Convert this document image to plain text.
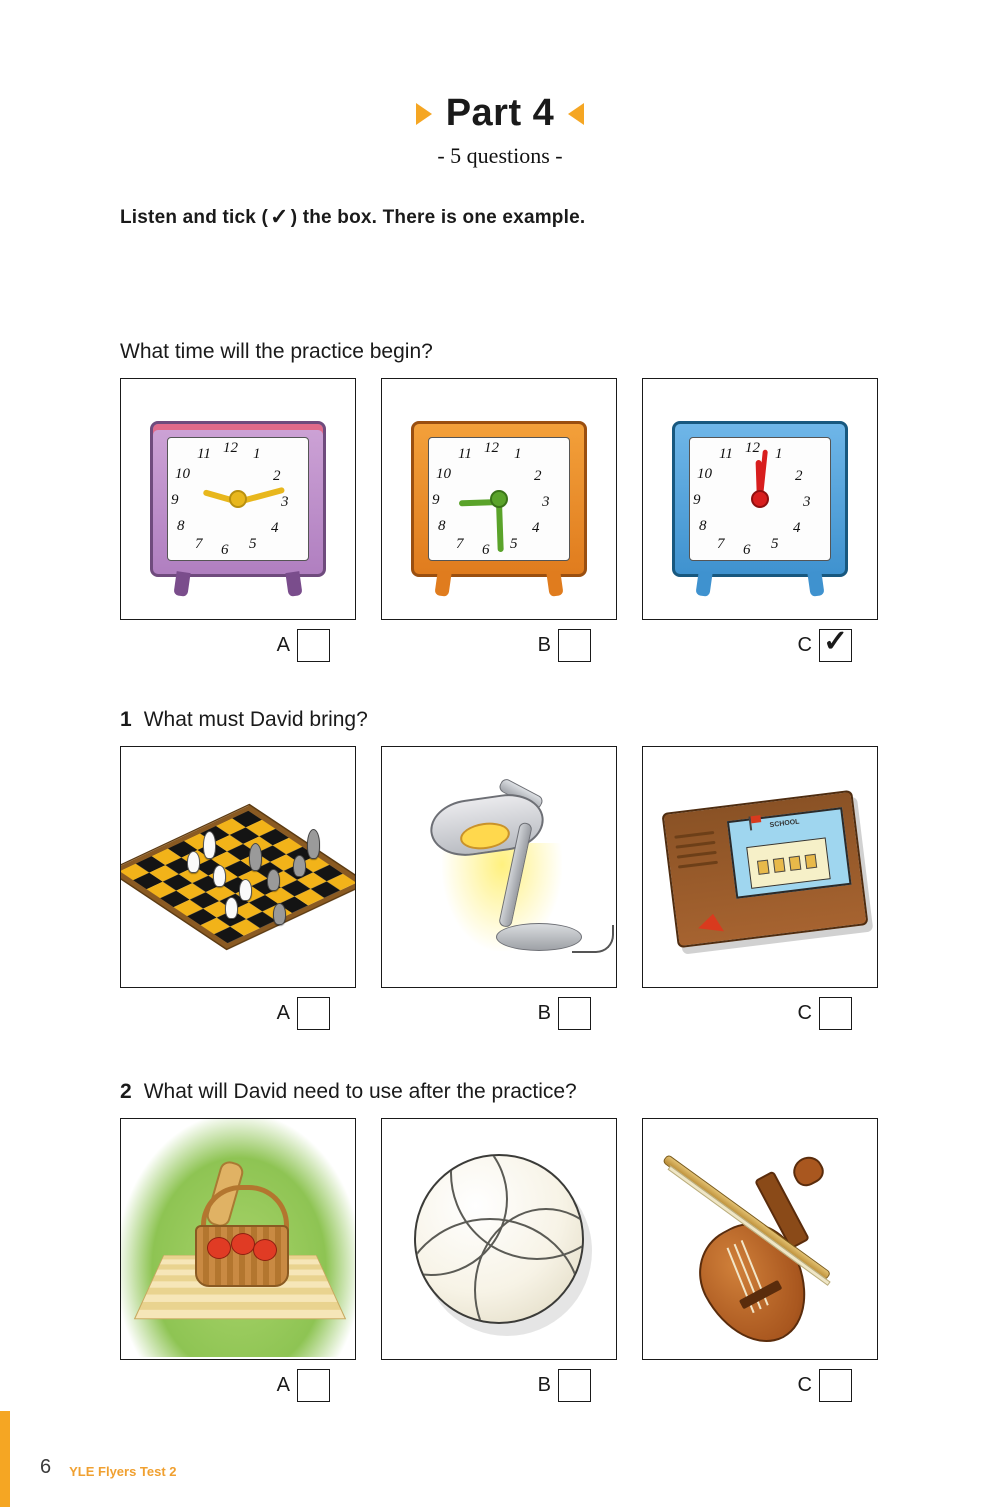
Part 4
- 5 questions -
Listen and tick ( ✓ ) the box. There is one example.
What time will the practice begin?
12 1
2
3
4
5
6
7
8
9
10
11
A
12 1
2
3
4
5
6
7
8
9
10
11
B
12 1
2
3
4
5
6
7
8
9
10
11
C ✓
1 What must David bring?
A	B
SCHOOL
C
2 What will David need to use after the practice?
A	B	C
6 YLE Flyers Test 2
